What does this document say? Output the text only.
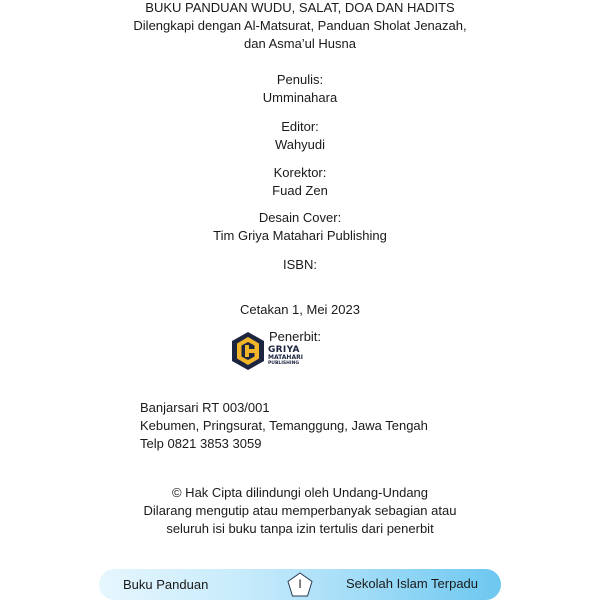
BUKU PANDUAN WUDU, SALAT, DOA DAN HADITS
Dilengkapi dengan Al-Matsurat, Panduan Sholat Jenazah,
dan Asma’ul Husna
Penulis:
Umminahara
Editor:
Wahyudi
Korektor:
Fuad Zen
Desain Cover:
Tim Griya Matahari Publishing
ISBN:
Cetakan 1, Mei 2023
Penerbit:
GRIYA
MATAHARI
PUBLISHING
Banjarsari RT 003/001
Kebumen, Pringsurat, Temanggung, Jawa Tengah
Telp 0821 3853 3059
© Hak Cipta dilindungi oleh Undang-Undang
Dilarang mengutip atau memperbanyak sebagian atau
seluruh isi buku tanpa izin tertulis dari penerbit
Buku Panduan	I	Sekolah Islam Terpadu
